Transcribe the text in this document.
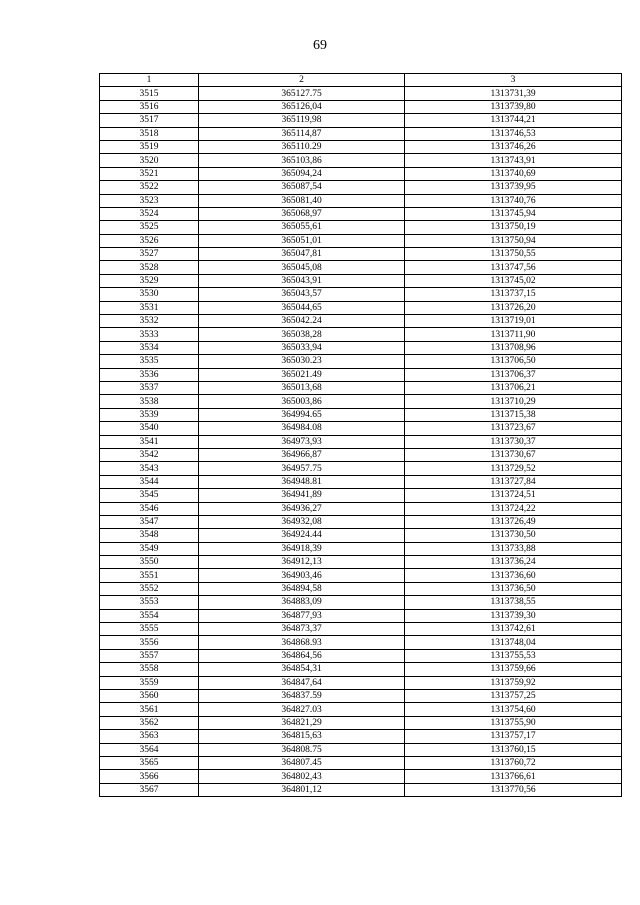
69
1	2	3
3515	365127.75	1313731,39
3516	365126,04	1313739,80
3517	365119,98	1313744,21
3518	365114,87	1313746,53
3519	365110.29	1313746,26
3520	365103,86	1313743,91
3521	365094,24	1313740,69
3522	365087,54	1313739,95
3523	365081,40	1313740,76
3524	365068,97	1313745,94
3525	365055,61	1313750,19
3526	365051,01	1313750,94
3527	365047,81	1313750,55
3528	365045,08	1313747,56
3529	365043,91	1313745,02
3530	365043,57	1313737,15
3531	365044,65	1313726,20
3532	365042.24	1313719,01
3533	365038,28	1313711,90
3534	365033,94	1313708,96
3535	365030.23	1313706,50
3536	365021.49	1313706,37
3537	365013,68	1313706,21
3538	365003,86	1313710,29
3539	364994.65	1313715,38
3540	364984.08	1313723,67
3541	364973,93	1313730,37
3542	364966,87	1313730,67
3543	364957.75	1313729,52
3544	364948.81	1313727,84
3545	364941,89	1313724,51
3546	364936,27	1313724,22
3547	364932,08	1313726,49
3548	364924.44	1313730,50
3549	364918,39	1313733,88
3550	364912,13	1313736,24
3551	364903,46	1313736,60
3552	364894,58	1313736,50
3553	364883,09	1313738,55
3554	364877,93	1313739,30
3555	364873,37	1313742,61
3556	364868.93	1313748,04
3557	364864,56	1313755,53
3558	364854,31	1313759,66
3559	364847,64	1313759,92
3560	364837.59	1313757,25
3561	364827.03	1313754,60
3562	364821,29	1313755,90
3563	364815,63	1313757,17
3564	364808.75	1313760,15
3565	364807.45	1313760,72
3566	364802,43	1313766,61
3567	364801,12	1313770,56
